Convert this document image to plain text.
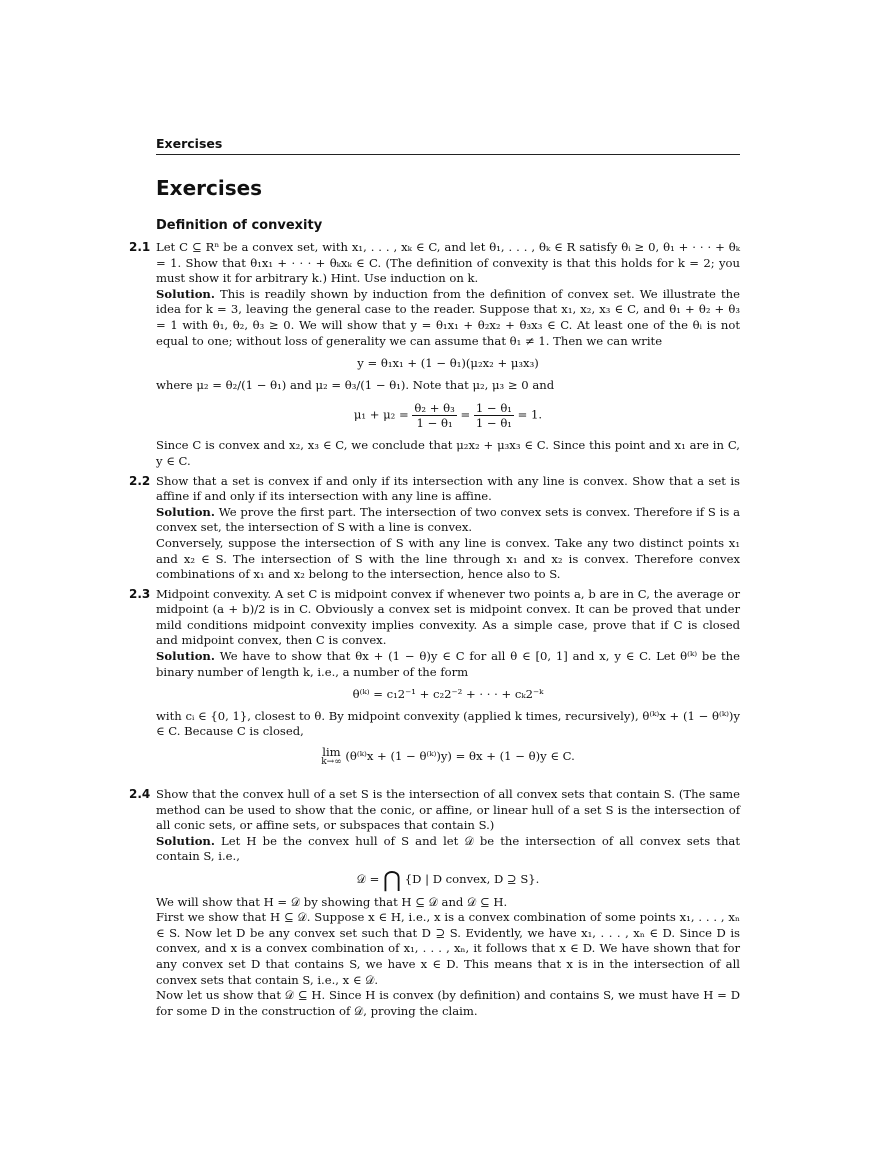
Exercises
Exercises
Definition of convexity
2.1 Let C ⊆ Rⁿ be a convex set, with x₁, . . . , xₖ ∈ C, and let θ₁, . . . , θₖ ∈ R satisfy θᵢ ≥ 0, θ₁ + · · · + θₖ = 1. Show that θ₁x₁ + · · · + θₖxₖ ∈ C. (The definition of convexity is that this holds for k = 2; you must show it for arbitrary k.) Hint. Use induction on k.

Solution. This is readily shown by induction from the definition of convex set. We illustrate the idea for k = 3, leaving the general case to the reader. Suppose that x₁, x₂, x₃ ∈ C, and θ₁ + θ₂ + θ₃ = 1 with θ₁, θ₂, θ₃ ≥ 0. We will show that y = θ₁x₁ + θ₂x₂ + θ₃x₃ ∈ C. At least one of the θᵢ is not equal to one; without loss of generality we can assume that θ₁ ≠ 1. Then we can write

y = θ₁x₁ + (1 − θ₁)(μ₂x₂ + μ₃x₃)

where μ₂ = θ₂/(1 − θ₁) and μ₂ = θ₃/(1 − θ₁). Note that μ₂, μ₃ ≥ 0 and

$\mu_1 + \mu_2 = \frac{\text{θ₂ + θ₃}}{\text{1 − θ₁}} = \frac{\text{1 − θ₁}}{\text{1 − θ₁}} = 1$.

Since C is convex and x₂, x₃ ∈ C, we conclude that μ₂x₂ + μ₃x₃ ∈ C. Since this point and x₁ are in C, y ∈ C.

2.2 Show that a set is convex if and only if its intersection with any line is convex. Show that a set is affine if and only if its intersection with any line is affine.

Solution. We prove the first part. The intersection of two convex sets is convex. Therefore if S is a convex set, the intersection of S with a line is convex.

Conversely, suppose the intersection of S with any line is convex. Take any two distinct points x₁ and x₂ ∈ S. The intersection of S with the line through x₁ and x₂ is convex. Therefore convex combinations of x₁ and x₂ belong to the intersection, hence also to S.

2.3 Midpoint convexity. A set C is midpoint convex if whenever two points a, b are in C, the average or midpoint (a + b)/2 is in C. Obviously a convex set is midpoint convex. It can be proved that under mild conditions midpoint convexity implies convexity. As a simple case, prove that if C is closed and midpoint convex, then C is convex.

Solution. We have to show that θx + (1 − θ)y ∈ C for all θ ∈ [0, 1] and x, y ∈ C. Let θ⁽ᵏ⁾ be the binary number of length k, i.e., a number of the form

θ⁽ᵏ⁾ = c₁2⁻¹ + c₂2⁻² + · · · + cₖ2⁻ᵏ

with cᵢ ∈ {0, 1}, closest to θ. By midpoint convexity (applied k times, recursively), θ⁽ᵏ⁾x + (1 − θ⁽ᵏ⁾)y ∈ C. Because C is closed,

lim
k→∞ (θ⁽ᵏ⁾x + (1 − θ⁽ᵏ⁾)y) = θx + (1 − θ)y ∈ C.
2.4 Show that the convex hull of a set S is the intersection of all convex sets that contain S. (The same method can be used to show that the conic, or affine, or linear hull of a set S is the intersection of all conic sets, or affine sets, or subspaces that contain S.)

Solution. Let H be the convex hull of S and let 𝒟 be the intersection of all convex sets that contain S, i.e.,

𝒟 = ⋂ {D | D convex, D ⊇ S}.

We will show that H = 𝒟 by showing that H ⊆ 𝒟 and 𝒟 ⊆ H.

First we show that H ⊆ 𝒟. Suppose x ∈ H, i.e., x is a convex combination of some points x₁, . . . , xₙ ∈ S. Now let D be any convex set such that D ⊇ S. Evidently, we have x₁, . . . , xₙ ∈ D. Since D is convex, and x is a convex combination of x₁, . . . , xₙ, it follows that x ∈ D. We have shown that for any convex set D that contains S, we have x ∈ D. This means that x is in the intersection of all convex sets that contain S, i.e., x ∈ 𝒟.

Now let us show that 𝒟 ⊆ H. Since H is convex (by definition) and contains S, we must have H = D for some D in the construction of 𝒟, proving the claim.
